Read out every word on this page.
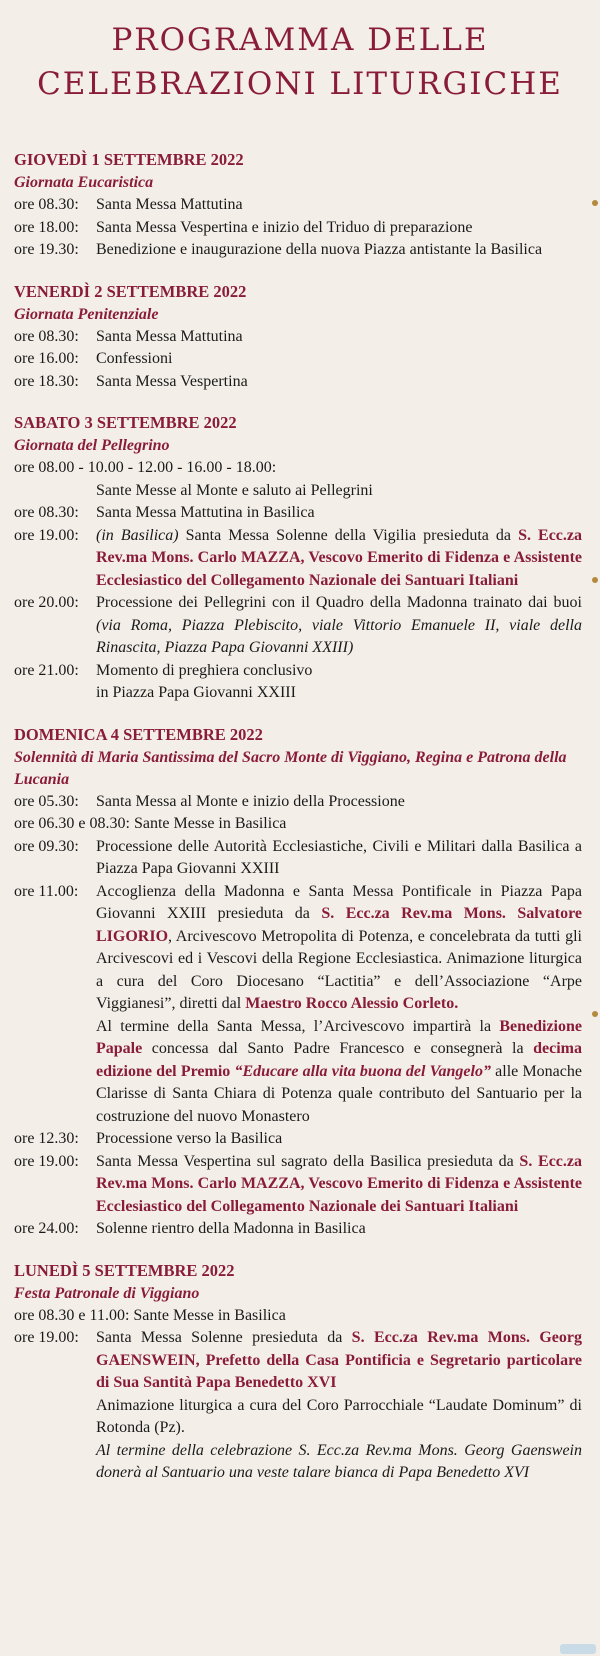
PROGRAMMA DELLE
CELEBRAZIONI LITURGICHE

GIOVEDÌ 1 SETTEMBRE 2022

Giornata Eucaristica

ore 08.30:	Santa Messa Mattutina
ore 18.00:	Santa Messa Vespertina e inizio del Triduo di preparazione
ore 19.30:	Benedizione e inaugurazione della nuova Piazza antistante la Basilica

VENERDÌ 2 SETTEMBRE 2022

Giornata Penitenziale

ore 08.30:	Santa Messa Mattutina
ore 16.00:	Confessioni
ore 18.30:	Santa Messa Vespertina

SABATO 3 SETTEMBRE 2022

Giornata del Pellegrino

ore 08.00 - 10.00 - 12.00 - 16.00 - 18.00:
Sante Messe al Monte e saluto ai Pellegrini
ore 08.30:	Santa Messa Mattutina in Basilica
ore 19.00:	(in Basilica) Santa Messa Solenne della Vigilia presieduta da S. Ecc.za Rev.ma Mons. Carlo MAZZA, Vescovo Emerito di Fidenza e Assistente Ecclesiastico del Collegamento Nazionale dei Santuari Italiani
ore 20.00:	Processione dei Pellegrini con il Quadro della Madonna trainato dai buoi (via Roma, Piazza Plebiscito, viale Vittorio Emanuele II, viale della Rinascita, Piazza Papa Giovanni XXIII)
ore 21.00:	Momento di preghiera conclusivo
in Piazza Papa Giovanni XXIII

DOMENICA 4 SETTEMBRE 2022

Solennità di Maria Santissima del Sacro Monte di Viggiano, Regina e Patrona della Lucania

ore 05.30:	Santa Messa al Monte e inizio della Processione
ore 06.30 e 08.30: Sante Messe in Basilica
ore 09.30:	Processione delle Autorità Ecclesiastiche, Civili e Militari dalla Basilica a Piazza Papa Giovanni XXIII
ore 11.00:	Accoglienza della Madonna e Santa Messa Pontificale in Piazza Papa Giovanni XXIII presieduta da S. Ecc.za Rev.ma Mons. Salvatore LIGORIO, Arcivescovo Metropolita di Potenza, e concelebrata da tutti gli Arcivescovi ed i Vescovi della Regione Ecclesiastica. Animazione liturgica a cura del Coro Diocesano “Lactitia” e dell’Associazione “Arpe Viggianesi”, diretti dal Maestro Rocco Alessio Corleto.
Al termine della Santa Messa, l’Arcivescovo impartirà la Benedizione Papale concessa dal Santo Padre Francesco e consegnerà la decima edizione del Premio “Educare alla vita buona del Vangelo” alle Monache Clarisse di Santa Chiara di Potenza quale contributo del Santuario per la costruzione del nuovo Monastero
ore 12.30:	Processione verso la Basilica
ore 19.00:	Santa Messa Vespertina sul sagrato della Basilica presieduta da S. Ecc.za Rev.ma Mons. Carlo MAZZA, Vescovo Emerito di Fidenza e Assistente Ecclesiastico del Collegamento Nazionale dei Santuari Italiani
ore 24.00:	Solenne rientro della Madonna in Basilica

LUNEDÌ 5 SETTEMBRE 2022

Festa Patronale di Viggiano

ore 08.30 e 11.00: Sante Messe in Basilica
ore 19.00:	Santa Messa Solenne presieduta da S. Ecc.za Rev.ma Mons. Georg GAENSWEIN, Prefetto della Casa Pontificia e Segretario particolare di Sua Santità Papa Benedetto XVI
Animazione liturgica a cura del Coro Parrocchiale “Laudate Dominum” di Rotonda (Pz).
Al termine della celebrazione S. Ecc.za Rev.ma Mons. Georg Gaenswein donerà al Santuario una veste talare bianca di Papa Benedetto XVI
